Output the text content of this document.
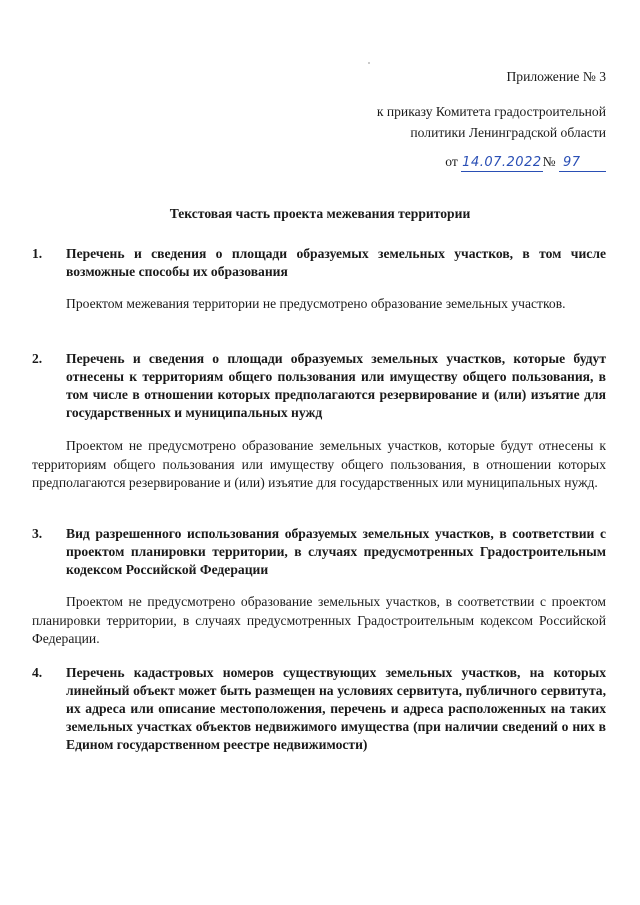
Приложение № 3
к приказу Комитета градостроительной
политики Ленинградской области
от 14.07.2022№ 97
Текстовая часть проекта межевания территории
1. Перечень и сведения о площади образуемых земельных участков, в том числе возможные способы их образования
Проектом межевания территории не предусмотрено образование земельных участков.
2. Перечень и сведения о площади образуемых земельных участков, которые будут отнесены к территориям общего пользования или имуществу общего пользования, в том числе в отношении которых предполагаются резервирование и (или) изъятие для государственных и муниципальных нужд
Проектом не предусмотрено образование земельных участков, которые будут отнесены к территориям общего пользования или имуществу общего пользования, в отношении которых предполагаются резервирование и (или) изъятие для государственных или муниципальных нужд.
3. Вид разрешенного использования образуемых земельных участков, в соответствии с проектом планировки территории, в случаях предусмотренных Градостроительным кодексом Российской Федерации
Проектом не предусмотрено образование земельных участков, в соответствии с проектом планировки территории, в случаях предусмотренных Градостроительным кодексом Российской Федерации.
4. Перечень кадастровых номеров существующих земельных участков, на которых линейный объект может быть размещен на условиях сервитута, публичного сервитута, их адреса или описание местоположения, перечень и адреса расположенных на таких земельных участках объектов недвижимого имущества (при наличии сведений о них в Едином государственном реестре недвижимости)
